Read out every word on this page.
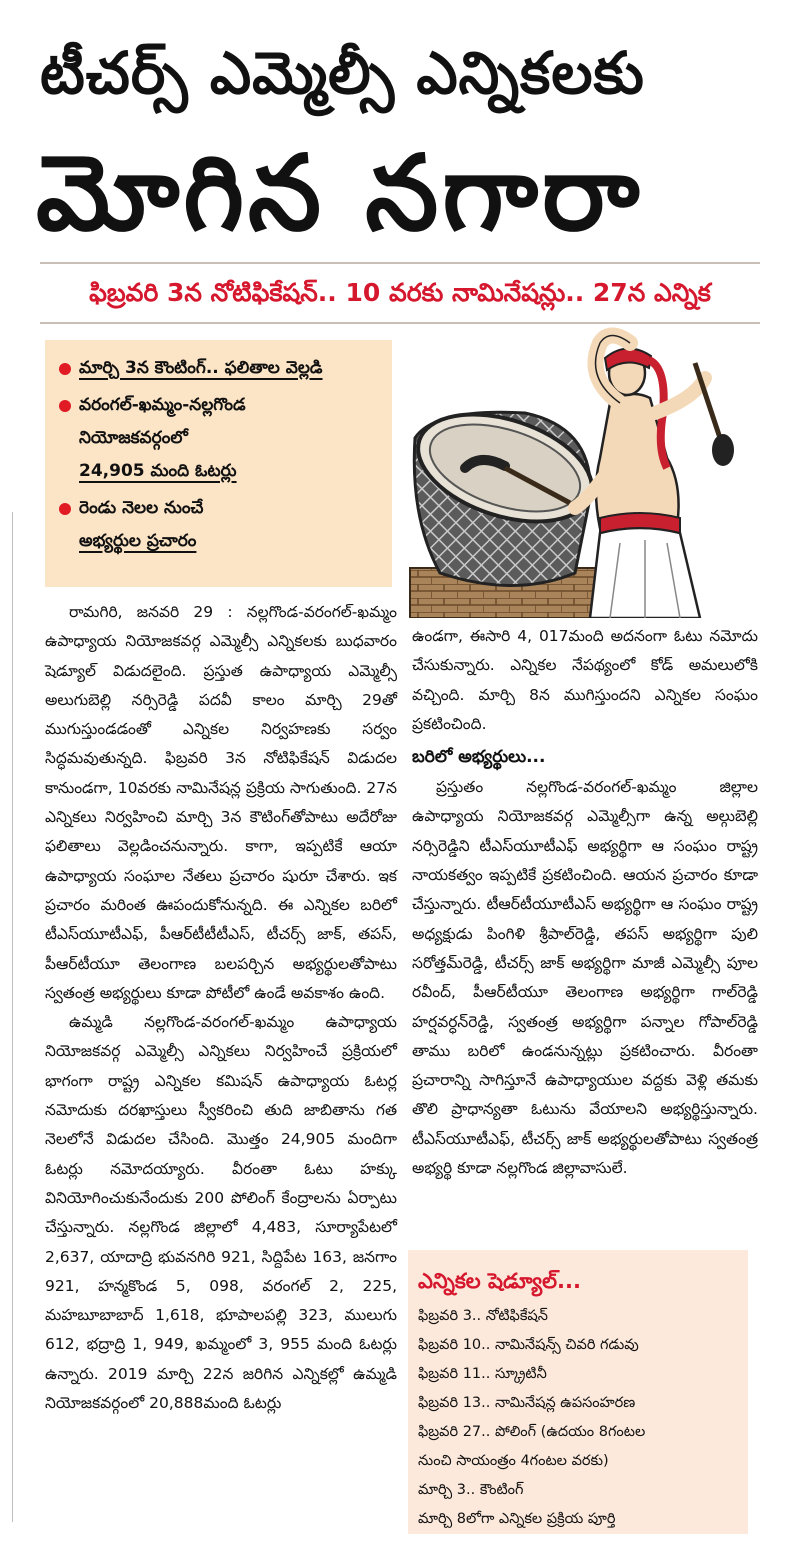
టీచర్స్ ఎమ్మెల్సీ ఎన్నికలకు
మోగిన నగారా
ఫిబ్రవరి 3న నోటిఫికేషన్.. 10 వరకు నామినేషన్లు.. 27న ఎన్నిక
మార్చి 3న కౌంటింగ్.. ఫలితాల వెల్లడి
వరంగల్-ఖమ్మం-నల్లగొండ
నియోజకవర్గంలో
24,905 మంది ఓటర్లు
రెండు నెలల నుంచే
అభ్యర్థుల ప్రచారం

రామగిరి, జనవరి 29 : నల్లగొండ-వరంగల్-ఖమ్మం ఉపాధ్యాయ నియోజకవర్గ ఎమ్మెల్సీ ఎన్నికలకు బుధవారం షెడ్యూల్ విడుదలైంది. ప్రస్తుత ఉపాధ్యాయ ఎమ్మెల్సీ అలుగుబెల్లి నర్సిరెడ్డి పదవీ కాలం మార్చి 29తో ముగుస్తుండడంతో ఎన్నికల నిర్వహణకు సర్వం సిద్ధమవుతున్నది. ఫిబ్రవరి 3న నోటిఫికేషన్ విడుదల కానుండగా, 10వరకు నామినేషన్ల ప్రక్రియ సాగుతుంది. 27న ఎన్నికలు నిర్వహించి మార్చి 3న కౌటింగ్‌తోపాటు అదేరోజు ఫలితాలు వెల్లడించనున్నారు. కాగా, ఇప్పటికే ఆయా ఉపాధ్యాయ సంఘాల నేతలు ప్రచారం షురూ చేశారు. ఇక ప్రచారం మరింత ఊపందుకోనున్నది. ఈ ఎన్నికల బరిలో టీఎస్‌యూటీఎఫ్, పీఆర్‌టీటీటీఎస్, టీచర్స్ జాక్, తపస్, పీఆర్‌టీయూ తెలంగాణ బలపర్చిన అభ్యర్థులతోపాటు స్వతంత్ర అభ్యర్థులు కూడా పోటీలో ఉండే అవకాశం ఉంది.

ఉమ్మడి నల్లగొండ-వరంగల్-ఖమ్మం ఉపాధ్యాయ నియోజకవర్గ ఎమ్మెల్సీ ఎన్నికలు నిర్వహించే ప్రక్రియలో భాగంగా రాష్ట్ర ఎన్నికల కమిషన్ ఉపాధ్యాయ ఓటర్ల నమోదుకు దరఖాస్తులు స్వీకరించి తుది జాబితాను గత నెలలోనే విడుదల చేసింది. మొత్తం 24,905 మందిగా ఓటర్లు నమోదయ్యారు. వీరంతా ఓటు హక్కు వినియోగించుకునేందుకు 200 పోలింగ్ కేంద్రాలను ఏర్పాటు చేస్తున్నారు. నల్లగొండ జిల్లాలో 4,483, సూర్యాపేటలో 2,637, యాదాద్రి భువనగిరి 921, సిద్దిపేట 163, జనగాం 921, హన్మకొండ 5, 098, వరంగల్ 2, 225, మహబూబాబాద్ 1,618, భూపాలపల్లి 323, ములుగు 612, భద్రాద్రి 1, 949, ఖమ్మంలో 3, 955 మంది ఓటర్లు ఉన్నారు. 2019 మార్చి 22న జరిగిన ఎన్నికల్లో ఉమ్మడి నియోజకవర్గంలో 20,888మంది ఓటర్లు

ఉండగా, ఈసారి 4, 017మంది అదనంగా ఓటు నమోదు చేసుకున్నారు. ఎన్నికల నేపథ్యంలో కోడ్ అమలులోకి వచ్చింది. మార్చి 8న ముగిస్తుందని ఎన్నికల సంఘం ప్రకటించింది.

బరిలో అభ్యర్థులు...

ప్రస్తుతం నల్లగొండ-వరంగల్-ఖమ్మం జిల్లాల ఉపాధ్యాయ నియోజకవర్గ ఎమ్మెల్సీగా ఉన్న అల్గుబెల్లి నర్సిరెడ్డిని టీఎస్‌యూటీఎఫ్ అభ్యర్థిగా ఆ సంఘం రాష్ట్ర నాయకత్వం ఇప్పటికే ప్రకటించింది. ఆయన ప్రచారం కూడా చేస్తున్నారు. టీఆర్‌టీయూటీఎస్ అభ్యర్థిగా ఆ సంఘం రాష్ట్ర అధ్యక్షుడు పింగిళి శ్రీపాల్‌రెడ్డి, తపస్ అభ్యర్థిగా పులి సరోత్తమ్‌రెడ్డి, టీచర్స్ జాక్ అభ్యర్థిగా మాజీ ఎమ్మెల్సీ పూల రవీంద్, పీఆర్‌టీయూ తెలంగాణ అభ్యర్థిగా గాల్‌రెడ్డి హర్షవర్ధన్‌రెడ్డి, స్వతంత్ర అభ్యర్థిగా పన్నాల గోపాల్‌రెడ్డి తాము బరిలో ఉండనున్నట్లు ప్రకటించారు. వీరంతా ప్రచారాన్ని సాగిస్తూనే ఉపాధ్యాయుల వద్దకు వెళ్లి తమకు తొలి ప్రాధాన్యతా ఓటును వేయాలని అభ్యర్థిస్తున్నారు. టీఎస్‌యూటీఎఫ్, టీచర్స్ జాక్ అభ్యర్థులతోపాటు స్వతంత్ర అభ్యర్థి కూడా నల్లగొండ జిల్లావాసులే.

ఎన్నికల షెడ్యూల్...
ఫిబ్రవరి 3.. నోటిఫికేషన్
ఫిబ్రవరి 10.. నామినేషన్స్ చివరి గడువు
ఫిబ్రవరి 11.. స్క్రూటినీ
ఫిబ్రవరి 13.. నామినేషన్ల ఉపసంహరణ
ఫిబ్రవరి 27.. పోలింగ్ (ఉదయం 8గంటల
నుంచి సాయంత్రం 4గంటల వరకు)
మార్చి 3.. కౌంటింగ్
మార్చి 8లోగా ఎన్నికల ప్రక్రియ పూర్తి
